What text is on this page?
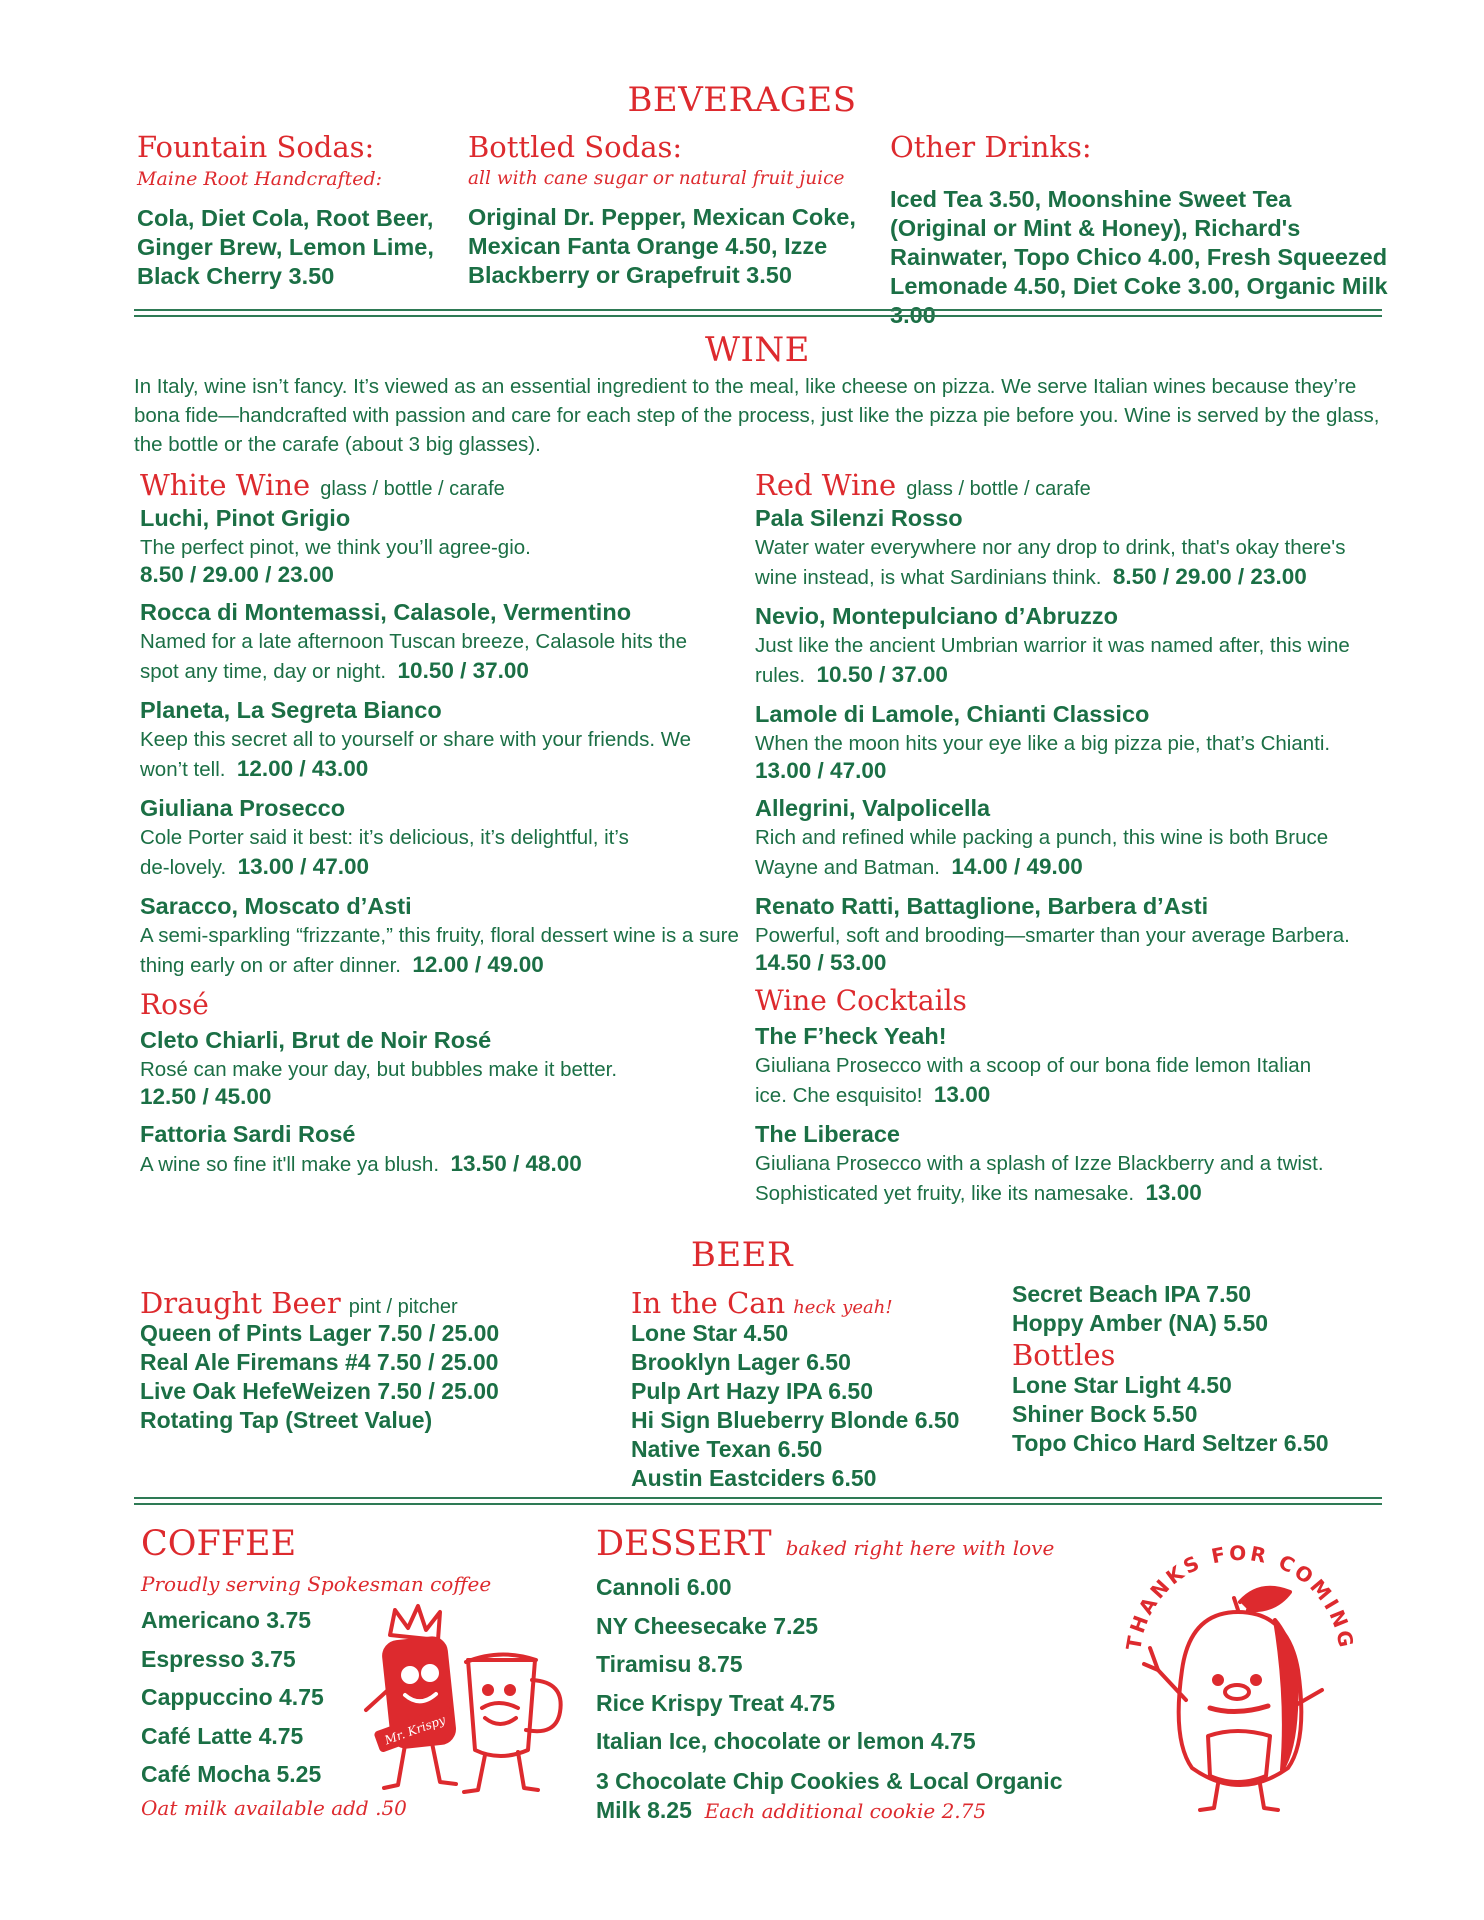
BEVERAGES
Fountain Sodas:
Maine Root Handcrafted:
Cola, Diet Cola, Root Beer, Ginger Brew, Lemon Lime, Black Cherry 3.50
Bottled Sodas:
all with cane sugar or natural fruit juice
Original Dr. Pepper, Mexican Coke, Mexican Fanta Orange 4.50, Izze Blackberry or Grapefruit 3.50
Other Drinks:
Iced Tea 3.50, Moonshine Sweet Tea (Original or Mint & Honey), Richard's Rainwater, Topo Chico 4.00, Fresh Squeezed Lemonade 4.50, Diet Coke 3.00, Organic Milk 3.00
WINE
In Italy, wine isn’t fancy. It’s viewed as an essential ingredient to the meal, like cheese on pizza. We serve Italian wines because they’re bona fide—handcrafted with passion and care for each step of the process, just like the pizza pie before you. Wine is served by the glass, the bottle or the carafe (about 3 big glasses).
White Wine glass / bottle / carafe
Luchi, Pinot Grigio
The perfect pinot, we think you’ll agree-gio.
8.50 / 29.00 / 23.00
Rocca di Montemassi, Calasole, Vermentino
Named for a late afternoon Tuscan breeze, Calasole hits the spot any time, day or night. 10.50 / 37.00
Planeta, La Segreta Bianco
Keep this secret all to yourself or share with your friends. We won’t tell. 12.00 / 43.00
Giuliana Prosecco
Cole Porter said it best: it’s delicious, it’s delightful, it’s de-lovely. 13.00 / 47.00
Saracco, Moscato d’Asti
A semi-sparkling “frizzante,” this fruity, floral dessert wine is a sure thing early on or after dinner. 12.00 / 49.00
Rosé
Cleto Chiarli, Brut de Noir Rosé
Rosé can make your day, but bubbles make it better.
12.50 / 45.00
Fattoria Sardi Rosé
A wine so fine it'll make ya blush. 13.50 / 48.00
Red Wine glass / bottle / carafe
Pala Silenzi Rosso
Water water everywhere nor any drop to drink, that's okay there's wine instead, is what Sardinians think. 8.50 / 29.00 / 23.00
Nevio, Montepulciano d’Abruzzo
Just like the ancient Umbrian warrior it was named after, this wine rules. 10.50 / 37.00
Lamole di Lamole, Chianti Classico
When the moon hits your eye like a big pizza pie, that’s Chianti.
13.00 / 47.00
Allegrini, Valpolicella
Rich and refined while packing a punch, this wine is both Bruce Wayne and Batman. 14.00 / 49.00
Renato Ratti, Battaglione, Barbera d’Asti
Powerful, soft and brooding—smarter than your average Barbera.
14.50 / 53.00
Wine Cocktails
The F’heck Yeah!
Giuliana Prosecco with a scoop of our bona fide lemon Italian ice. Che esquisito! 13.00
The Liberace
Giuliana Prosecco with a splash of Izze Blackberry and a twist. Sophisticated yet fruity, like its namesake. 13.00
BEER
Draught Beer pint / pitcher
Queen of Pints Lager 7.50 / 25.00
Real Ale Firemans #4 7.50 / 25.00
Live Oak HefeWeizen 7.50 / 25.00
Rotating Tap (Street Value)
In the Can heck yeah!
Lone Star 4.50
Brooklyn Lager 6.50
Pulp Art Hazy IPA 6.50
Hi Sign Blueberry Blonde 6.50
Native Texan 6.50
Austin Eastciders 6.50
Secret Beach IPA 7.50
Hoppy Amber (NA) 5.50
Bottles
Lone Star Light 4.50
Shiner Bock 5.50
Topo Chico Hard Seltzer 6.50
COFFEE
Proudly serving Spokesman coffee
Americano 3.75
Espresso 3.75
Cappuccino 4.75
Café Latte 4.75
Café Mocha 5.25
Oat milk available add .50
Mr. Krispy
DESSERT baked right here with love
Cannoli 6.00
NY Cheesecake 7.25
Tiramisu 8.75
Rice Krispy Treat 4.75
Italian Ice, chocolate or lemon 4.75
3 Chocolate Chip Cookies & Local Organic
Milk 8.25 Each additional cookie 2.75
THANKS FOR COMING
